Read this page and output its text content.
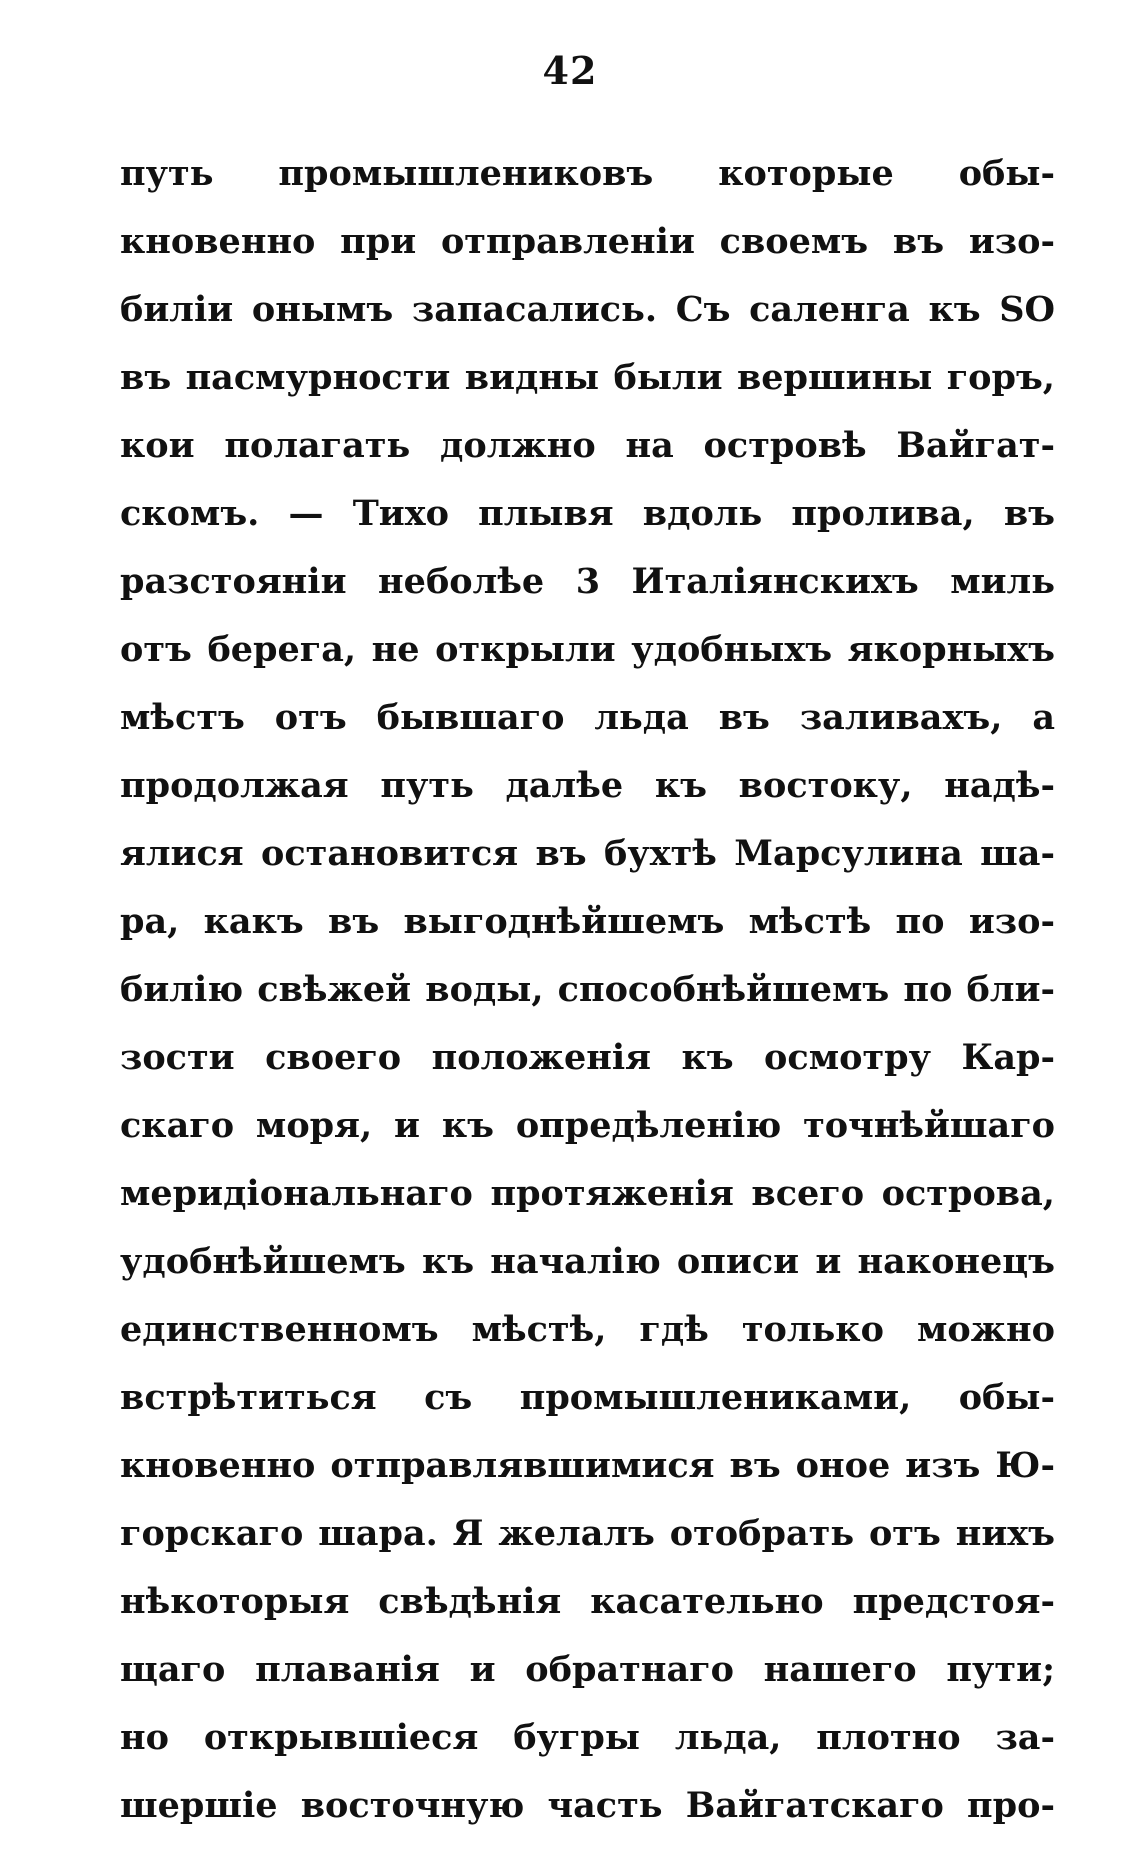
42
путь промышлениковъ которые обы-
кновенно при отправленіи своемъ въ изо-
биліи онымъ запасались. Съ саленга къ SO
въ пасмурности видны были вершины горъ,
кои полагать должно на островѣ Вайгат-
скомъ. — Тихо плывя вдоль пролива, въ
разстояніи неболѣе 3 Италіянскихъ миль
отъ берега, не открыли удобныхъ якорныхъ
мѣстъ отъ бывшаго льда въ заливахъ, а
продолжая путь далѣе къ востоку, надѣ-
ялися остановится въ бухтѣ Марсулина ша-
ра, какъ въ выгоднѣйшемъ мѣстѣ по изо-
билію свѣжей воды, способнѣйшемъ по бли-
зости своего положенія къ осмотру Кар-
скаго моря, и къ опредѣленію точнѣйшаго
меридіональнаго протяженія всего острова,
удобнѣйшемъ къ началію описи и наконецъ
единственномъ мѣстѣ, гдѣ только можно
встрѣтиться съ промышлениками, обы-
кновенно отправлявшимися въ оное изъ Ю-
горскаго шара. Я желалъ отобрать отъ нихъ
нѣкоторыя свѣдѣнія касательно предстоя-
щаго плаванія и обратнаго нашего пути;
но открывшіеся бугры льда, плотно за-
шершіе восточную часть Вайгатскаго про-
